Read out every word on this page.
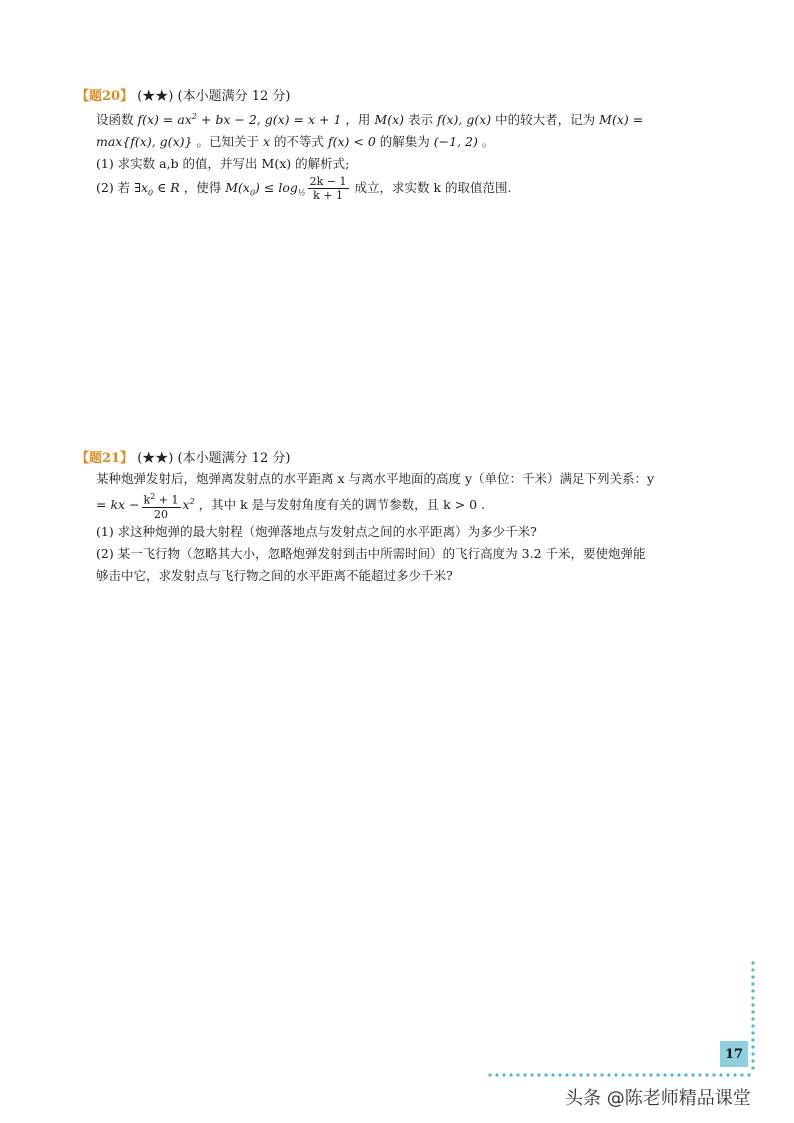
【题20】 (★★) (本小题满分 12 分)
设函数 $f(x) = ax^2$ + bx − 2, g(x) = x + 1 ，用 M(x) 表示 f(x), g(x) 中的较大者，记为 M(x) =
max{f(x), g(x)} 。已知关于 x 的不等式 f(x) < 0 的解集为 (−1, 2) 。
(1) 求实数 a,b 的值，并写出 M(x) 的解析式;
(2) 若 $\exists x_0$ ∈ R ，使得 $M(x_0) \le \log_{\frac{1}{2}} \frac{2k - 1}{k + 1}$ 成立，求实数 k 的取值范围.
【题21】 (★★) (本小题满分 12 分)
某种炮弹发射后，炮弹离发射点的水平距离 x 与离水平地面的高度 y（单位：千米）满足下列关系：y
= kx − $\frac{k^2 + 1}{20} x^2$ ，其中 k 是与发射角度有关的调节参数，且 k > 0 .
(1) 求这种炮弹的最大射程（炮弹落地点与发射点之间的水平距离）为多少千米?
(2) 某一飞行物（忽略其大小，忽略炮弹发射到击中所需时间）的飞行高度为 3.2 千米，要使炮弹能
够击中它，求发射点与飞行物之间的水平距离不能超过多少千米?
17
头条 @陈老师精品课堂
